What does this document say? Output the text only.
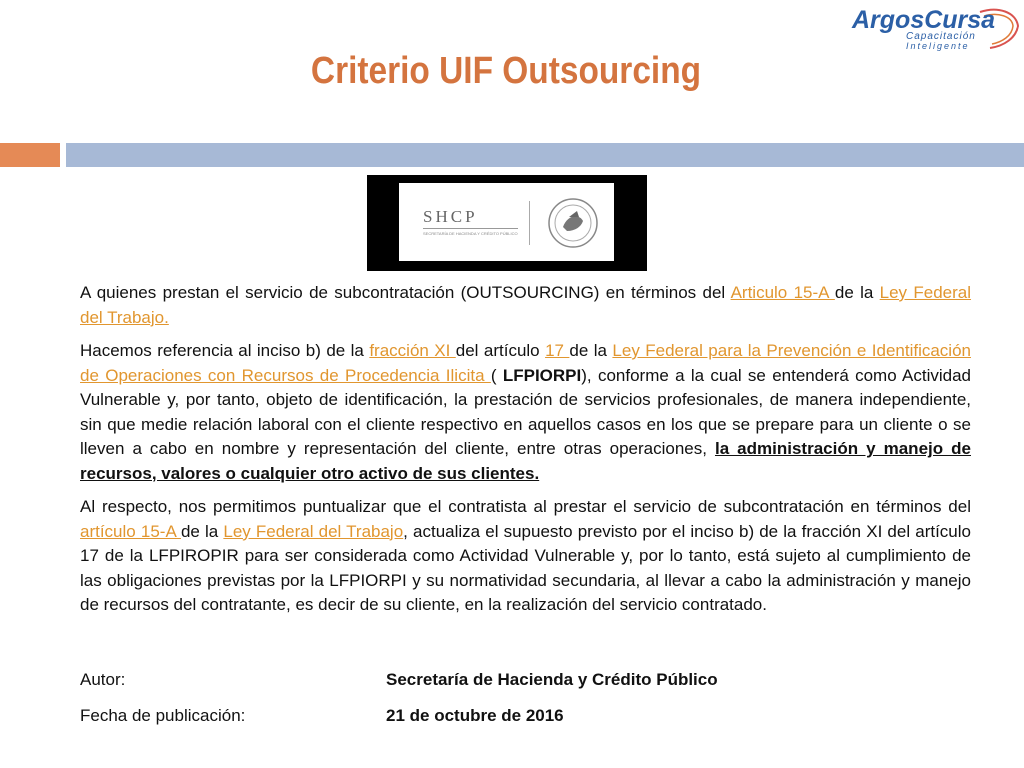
ArgosCursa
Capacitación
Inteligente
Criterio UIF Outsourcing
SHCP
SECRETARÍA DE HACIENDA Y CRÉDITO PÚBLICO

A quienes prestan el servicio de subcontratación (OUTSOURCING) en términos del Articulo 15-A de la Ley Federal del Trabajo.

Hacemos referencia al inciso b) de la fracción XI del artículo 17 de la Ley Federal para la Prevención e Identificación de Operaciones con Recursos de Procedencia Ilicita ( LFPIORPI), conforme a la cual se entenderá como Actividad Vulnerable y, por tanto, objeto de identificación, la prestación de servicios profesionales, de manera independiente, sin que medie relación laboral con el cliente respectivo en aquellos casos en los que se prepare para un cliente o se lleven a cabo en nombre y representación del cliente, entre otras operaciones, la administración y manejo de recursos, valores o cualquier otro activo de sus clientes.

Al respecto, nos permitimos puntualizar que el contratista al prestar el servicio de subcontratación en términos del artículo 15-A de la Ley Federal del Trabajo, actualiza el supuesto previsto por el inciso b) de la fracción XI del artículo 17 de la LFPIROPIR para ser considerada como Actividad Vulnerable y, por lo tanto, está sujeto al cumplimiento de las obligaciones previstas por la LFPIORPI y su normatividad secundaria, al llevar a cabo la administración y manejo de recursos del contratante, es decir de su cliente, en la realización del servicio contratado.

Autor:	Secretaría de Hacienda y Crédito Público
Fecha de publicación:	21 de octubre de 2016
